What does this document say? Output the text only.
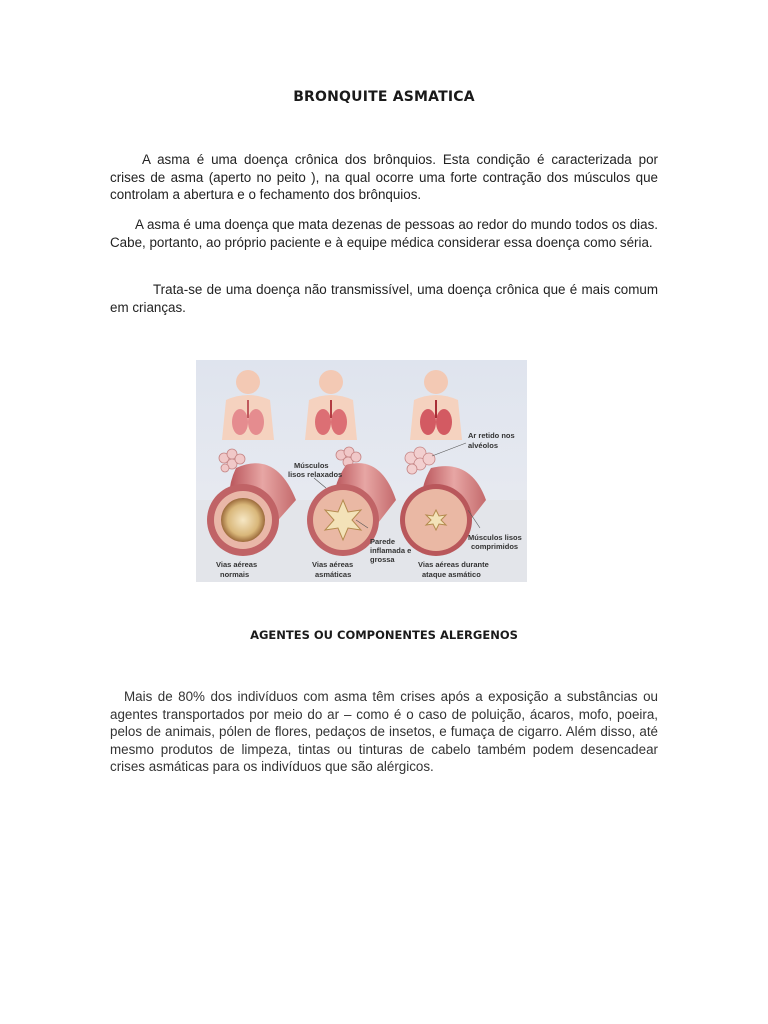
BRONQUITE ASMATICA
A asma é uma doença crônica dos brônquios. Esta condição é caracterizada por crises de asma (aperto no peito ), na qual ocorre uma forte contração dos músculos que controlam a abertura e o fechamento dos brônquios.
A asma é uma doença que mata dezenas de pessoas ao redor do mundo todos os dias. Cabe, portanto, ao próprio paciente e à equipe médica considerar essa doença como séria.
Trata-se de uma doença não transmissível, uma doença crônica que é mais comum em crianças.
Músculos
lisos relaxados
Ar retido nos
alvéolos
Parede
inflamada e
grossa
Músculos lisos
comprimidos
Vias aéreas
normais
Vias aéreas
asmáticas
Vias aéreas durante
ataque asmático
AGENTES OU COMPONENTES ALERGENOS
Mais de 80% dos indivíduos com asma têm crises após a exposição a substâncias ou agentes transportados por meio do ar – como é o caso de poluição, ácaros, mofo, poeira, pelos de animais, pólen de flores, pedaços de insetos, e fumaça de cigarro. Além disso, até mesmo produtos de limpeza, tintas ou tinturas de cabelo também podem desencadear crises asmáticas para os indivíduos que são alérgicos.
